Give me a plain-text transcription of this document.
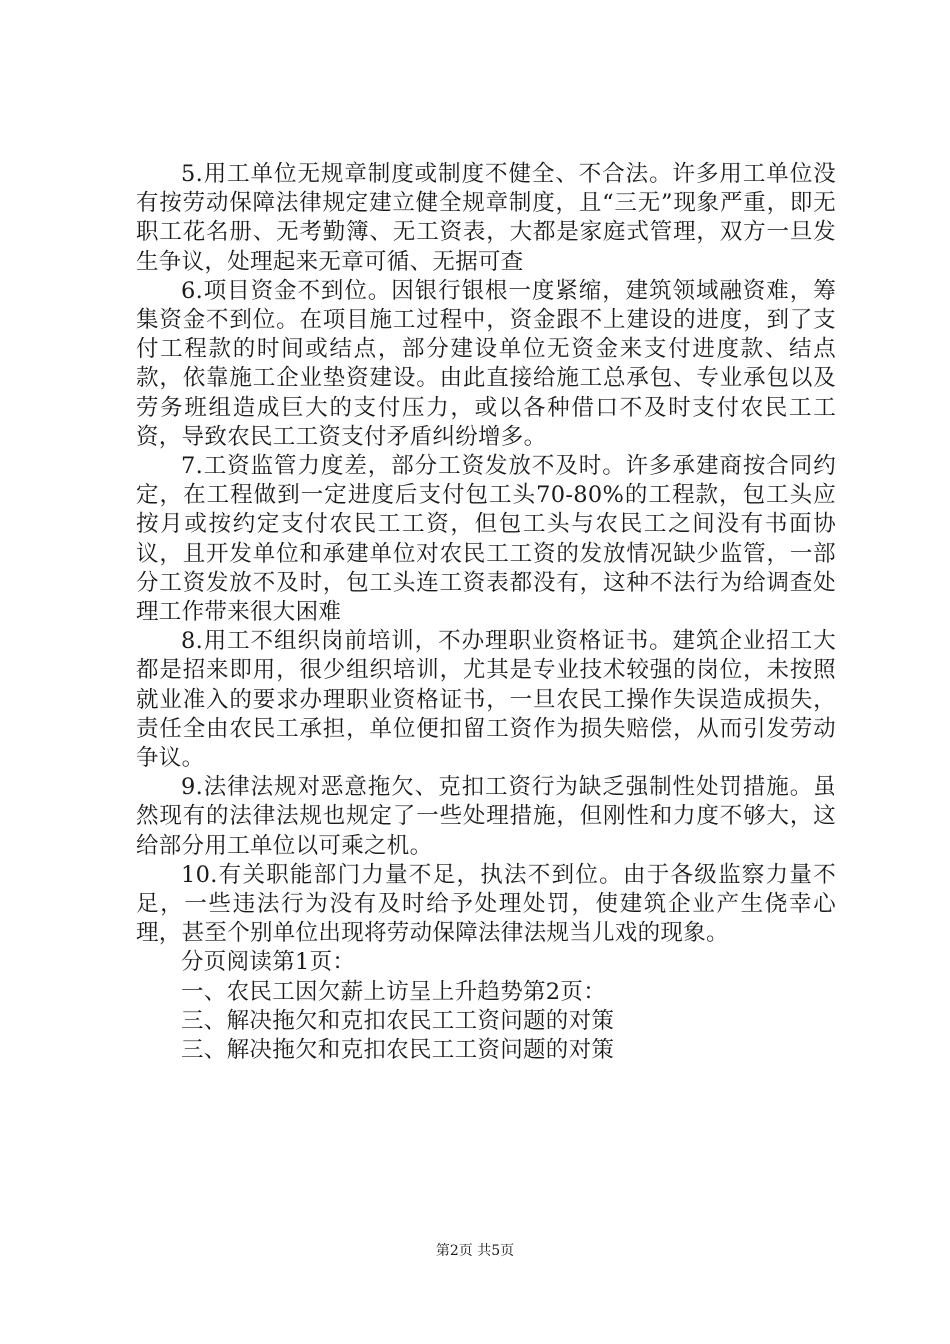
5.用工单位无规章制度或制度不健全、不合法。许多用工单位没有按劳动保障法律规定建立健全规章制度，且“三无”现象严重，即无职工花名册、无考勤簿、无工资表，大都是家庭式管理，双方一旦发生争议，处理起来无章可循、无据可查

6.项目资金不到位。因银行银根一度紧缩，建筑领域融资难，筹集资金不到位。在项目施工过程中，资金跟不上建设的进度，到了支付工程款的时间或结点，部分建设单位无资金来支付进度款、结点款，依靠施工企业垫资建设。由此直接给施工总承包、专业承包以及劳务班组造成巨大的支付压力，或以各种借口不及时支付农民工工资，导致农民工工资支付矛盾纠纷增多。

7.工资监管力度差，部分工资发放不及时。许多承建商按合同约定，在工程做到一定进度后支付包工头70-80%的工程款，包工头应按月或按约定支付农民工工资，但包工头与农民工之间没有书面协议，且开发单位和承建单位对农民工工资的发放情况缺少监管，一部分工资发放不及时，包工头连工资表都没有，这种不法行为给调查处理工作带来很大困难

8.用工不组织岗前培训，不办理职业资格证书。建筑企业招工大都是招来即用，很少组织培训，尤其是专业技术较强的岗位，未按照就业准入的要求办理职业资格证书，一旦农民工操作失误造成损失，责任全由农民工承担，单位便扣留工资作为损失赔偿，从而引发劳动争议。

9.法律法规对恶意拖欠、克扣工资行为缺乏强制性处罚措施。虽然现有的法律法规也规定了一些处理措施，但刚性和力度不够大，这给部分用工单位以可乘之机。

10.有关职能部门力量不足，执法不到位。由于各级监察力量不足，一些违法行为没有及时给予处理处罚，使建筑企业产生侥幸心理，甚至个别单位出现将劳动保障法律法规当儿戏的现象。

分页阅读第1页：

一、农民工因欠薪上访呈上升趋势第2页：

三、解决拖欠和克扣农民工工资问题的对策

三、解决拖欠和克扣农民工工资问题的对策

第2页 共5页
